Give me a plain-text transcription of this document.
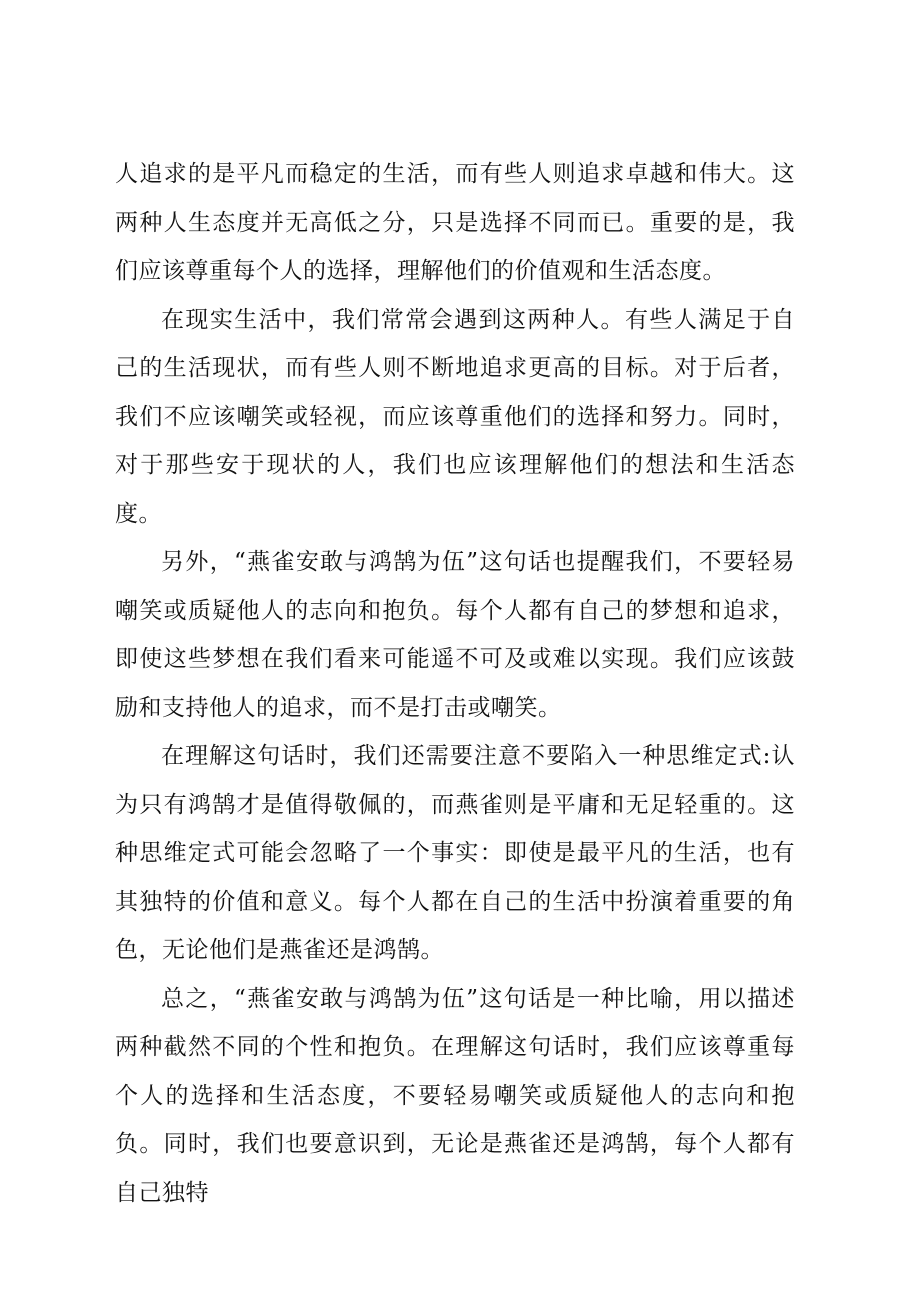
人追求的是平凡而稳定的生活，而有些人则追求卓越和伟大。这两种人生态度并无高低之分，只是选择不同而已。重要的是，我们应该尊重每个人的选择，理解他们的价值观和生活态度。

在现实生活中，我们常常会遇到这两种人。有些人满足于自己的生活现状，而有些人则不断地追求更高的目标。对于后者，我们不应该嘲笑或轻视，而应该尊重他们的选择和努力。同时，对于那些安于现状的人，我们也应该理解他们的想法和生活态度。

另外，“燕雀安敢与鸿鹄为伍”这句话也提醒我们，不要轻易嘲笑或质疑他人的志向和抱负。每个人都有自己的梦想和追求，即使这些梦想在我们看来可能遥不可及或难以实现。我们应该鼓励和支持他人的追求，而不是打击或嘲笑。

在理解这句话时，我们还需要注意不要陷入一种思维定式:认为只有鸿鹄才是值得敬佩的，而燕雀则是平庸和无足轻重的。这种思维定式可能会忽略了一个事实：即使是最平凡的生活，也有其独特的价值和意义。每个人都在自己的生活中扮演着重要的角色，无论他们是燕雀还是鸿鹄。

总之，“燕雀安敢与鸿鹄为伍”这句话是一种比喻，用以描述两种截然不同的个性和抱负。在理解这句话时，我们应该尊重每个人的选择和生活态度，不要轻易嘲笑或质疑他人的志向和抱负。同时，我们也要意识到，无论是燕雀还是鸿鹄，每个人都有自己独特
